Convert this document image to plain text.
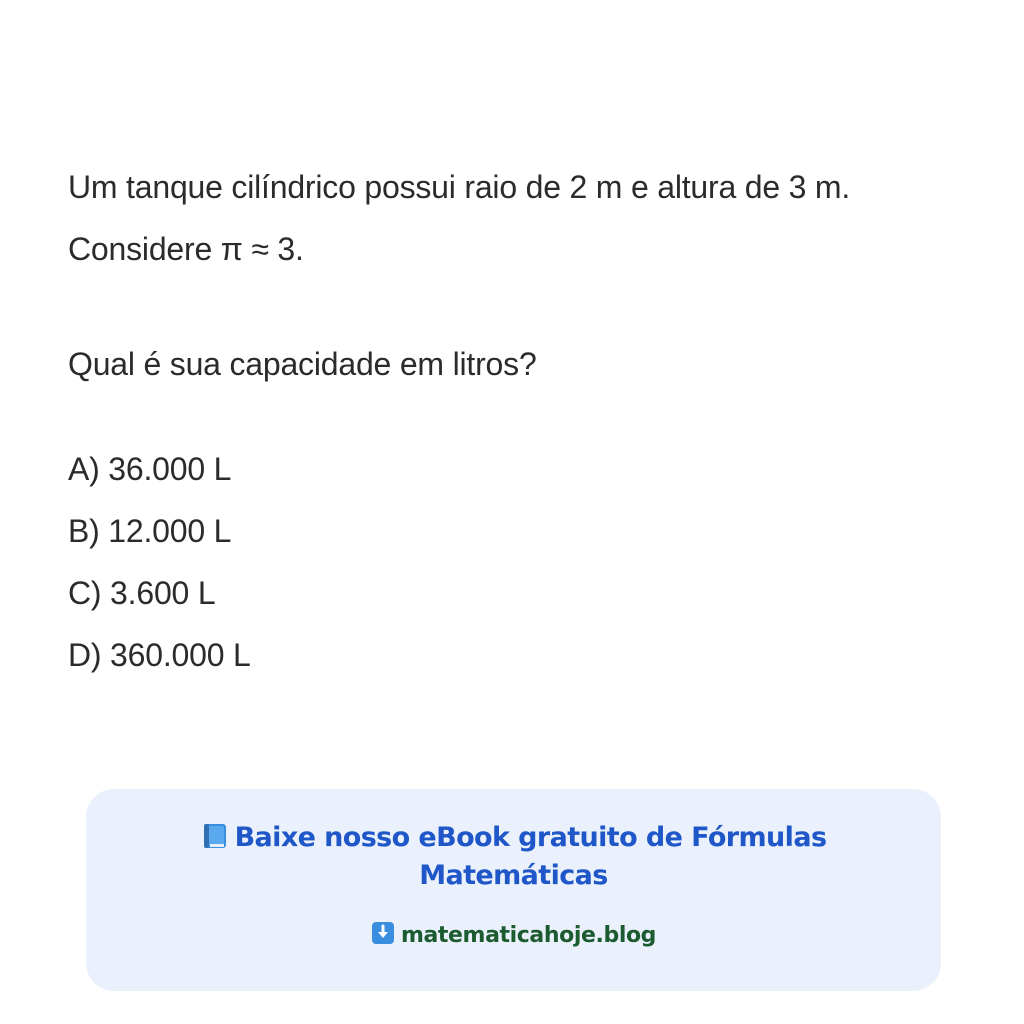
Um tanque cilíndrico possui raio de 2 m e altura de 3 m.

Considere π ≈ 3.

Qual é sua capacidade em litros?
A) 36.000 L
B) 12.000 L
C) 3.600 L
D) 360.000 L
Baixe nosso eBook gratuito de Fórmulas Matemáticas
matematicahoje.blog
